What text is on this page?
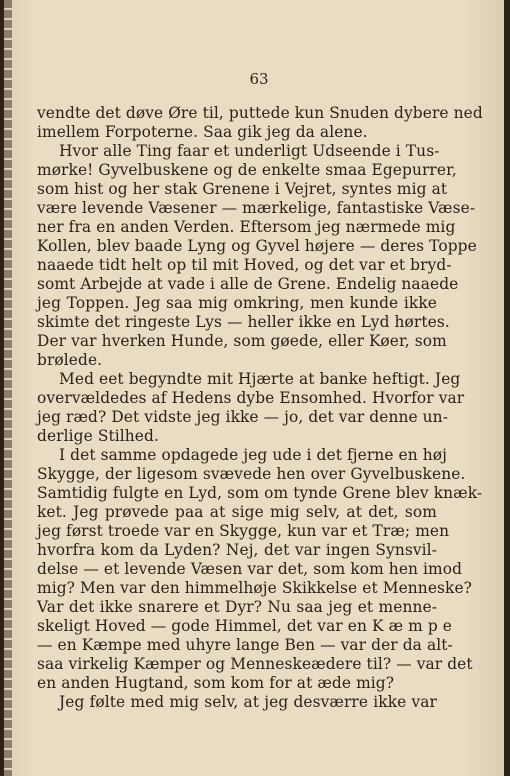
63
vendte det døve Øre til, puttede kun Snuden dybere ned
imellem Forpoterne. Saa gik jeg da alene.
Hvor alle Ting faar et underligt Udseende i Tus-
mørke! Gyvelbuskene og de enkelte smaa Egepurrer,
som hist og her stak Grenene i Vejret, syntes mig at
være levende Væsener — mærkelige, fantastiske Væse-
ner fra en anden Verden. Eftersom jeg nærmede mig
Kollen, blev baade Lyng og Gyvel højere — deres Toppe
naaede tidt helt op til mit Hoved, og det var et bryd-
somt Arbejde at vade i alle de Grene. Endelig naaede
jeg Toppen. Jeg saa mig omkring, men kunde ikke
skimte det ringeste Lys — heller ikke en Lyd hørtes.
Der var hverken Hunde, som gøede, eller Køer, som
brølede.
Med eet begyndte mit Hjærte at banke heftigt. Jeg
overvældedes af Hedens dybe Ensomhed. Hvorfor var
jeg ræd? Det vidste jeg ikke — jo, det var denne un-
derlige Stilhed.
I det samme opdagede jeg ude i det fjerne en høj
Skygge, der ligesom svævede hen over Gyvelbuskene.
Samtidig fulgte en Lyd, som om tynde Grene blev knæk-
ket. Jeg prøvede paa at sige mig selv, at det, som
jeg først troede var en Skygge, kun var et Træ; men
hvorfra kom da Lyden? Nej, det var ingen Synsvil-
delse — et levende Væsen var det, som kom hen imod
mig? Men var den himmelhøje Skikkelse et Menneske?
Var det ikke snarere et Dyr? Nu saa jeg et menne-
skeligt Hoved — gode Himmel, det var en K æ m p e
— en Kæmpe med uhyre lange Ben — var der da alt-
saa virkelig Kæmper og Menneskeædere til? — var det
en anden Hugtand, som kom for at æde mig?
Jeg følte med mig selv, at jeg desværre ikke var
